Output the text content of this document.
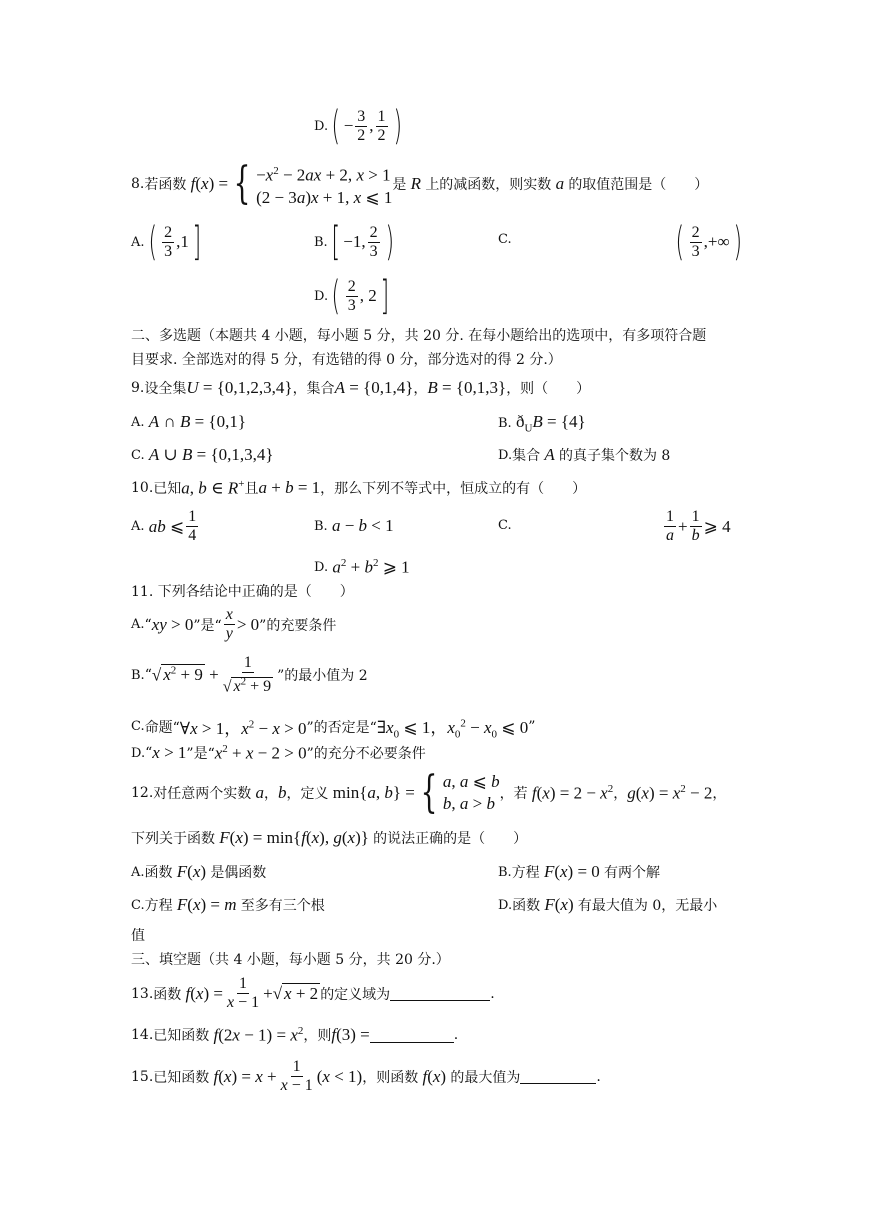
D. ( − $\frac{3}{2}$ , $\frac{1}{2}$ )
8. 若函数 f ( x ) = { $-x^2 - 2ax + 2$, x > 1
(2 − 3a)x + 1, x ⩽ 1
是 R 上的减函数，则实数 a 的取值范围是（　　）
A. ( $\frac{2}{3} ,1$ ]	B. [ −1, $\frac{2}{3}$ )	C.	( $\frac{2}{3}$ ,+∞ )
D. ( $\frac{2}{3}$ , 2 ]
二、多选题（本题共 4 小题，每小题 5 分，共 20 分. 在每小题给出的选项中，有多项符合题
目要求. 全部选对的得 5 分，有选错的得 0 分，部分选对的得 2 分.）
9. 设全集 U = {0,1,2,3,4} ，集合 A = {0,1,4} ， B = {0,1,3} ，则（　　）
A. A ∩ B = {0,1}	B. $ð_UB = \{4\}$
C. A ∪ B = {0,1,3,4}	D. 集合 A 的真子集个数为 8
10. 已知 a, b ∈ R+ 且 a + b = 1 ，那么下列不等式中，恒成立的有（　　）
A. ab ⩽ $\frac{1}{4}$	B. a − b < 1	C.	$\frac{1}{a} + \frac{1}{b}$ ⩾ 4
D. $a^2 + b^2$ ⩾ 1
11. 下列各结论中正确的是（　　）
A. “ xy > 0 ”是“ $\frac{x}{y} > 0$ ”的充要条件
B. “ √ $x^2 + 9 + \frac{1}{√ x^2 + 9}$ ”的最小值为 2
C. 命题“ ∀x > 1，$x^2 - x > 0$ ”的否定是“ $\exists x_0$ ⩽ 1，$x_0^2 - x_0$ ⩽ 0 ”
D. “ x > 1 ”是“ $x^2 + x - 2 > 0$ ”的充分不必要条件
12. 对任意两个实数 a ， b ，定义 min{a, b} = { a, a ⩽ b
b, a > b ，若 $f(x) = 2 - x^2$ ， $g(x) = x^2 - 2$ ，
下列关于函数 F(x) = min{f(x), g(x)} 的说法正确的是（　　）
A. 函数 F(x) 是偶函数	B. 方程 F(x) = 0 有两个解
C. 方程 F(x) = m 至多有三个根	D. 函数 F(x) 有最大值为 0，无最小
值
三、填空题（共 4 小题，每小题 5 分，共 20 分.）
13. 函数 $f(x) = \frac{1}{x - 1}$ + √ x + 2 的定义域为	.
14. 已知函数 $f(2x - 1) = x^2$ ，则 f(3) =	.
15. 已知函数 $f(x) = x + \frac{1}{x - 1} (x < 1)$ ，则函数 f(x) 的最大值为	.
